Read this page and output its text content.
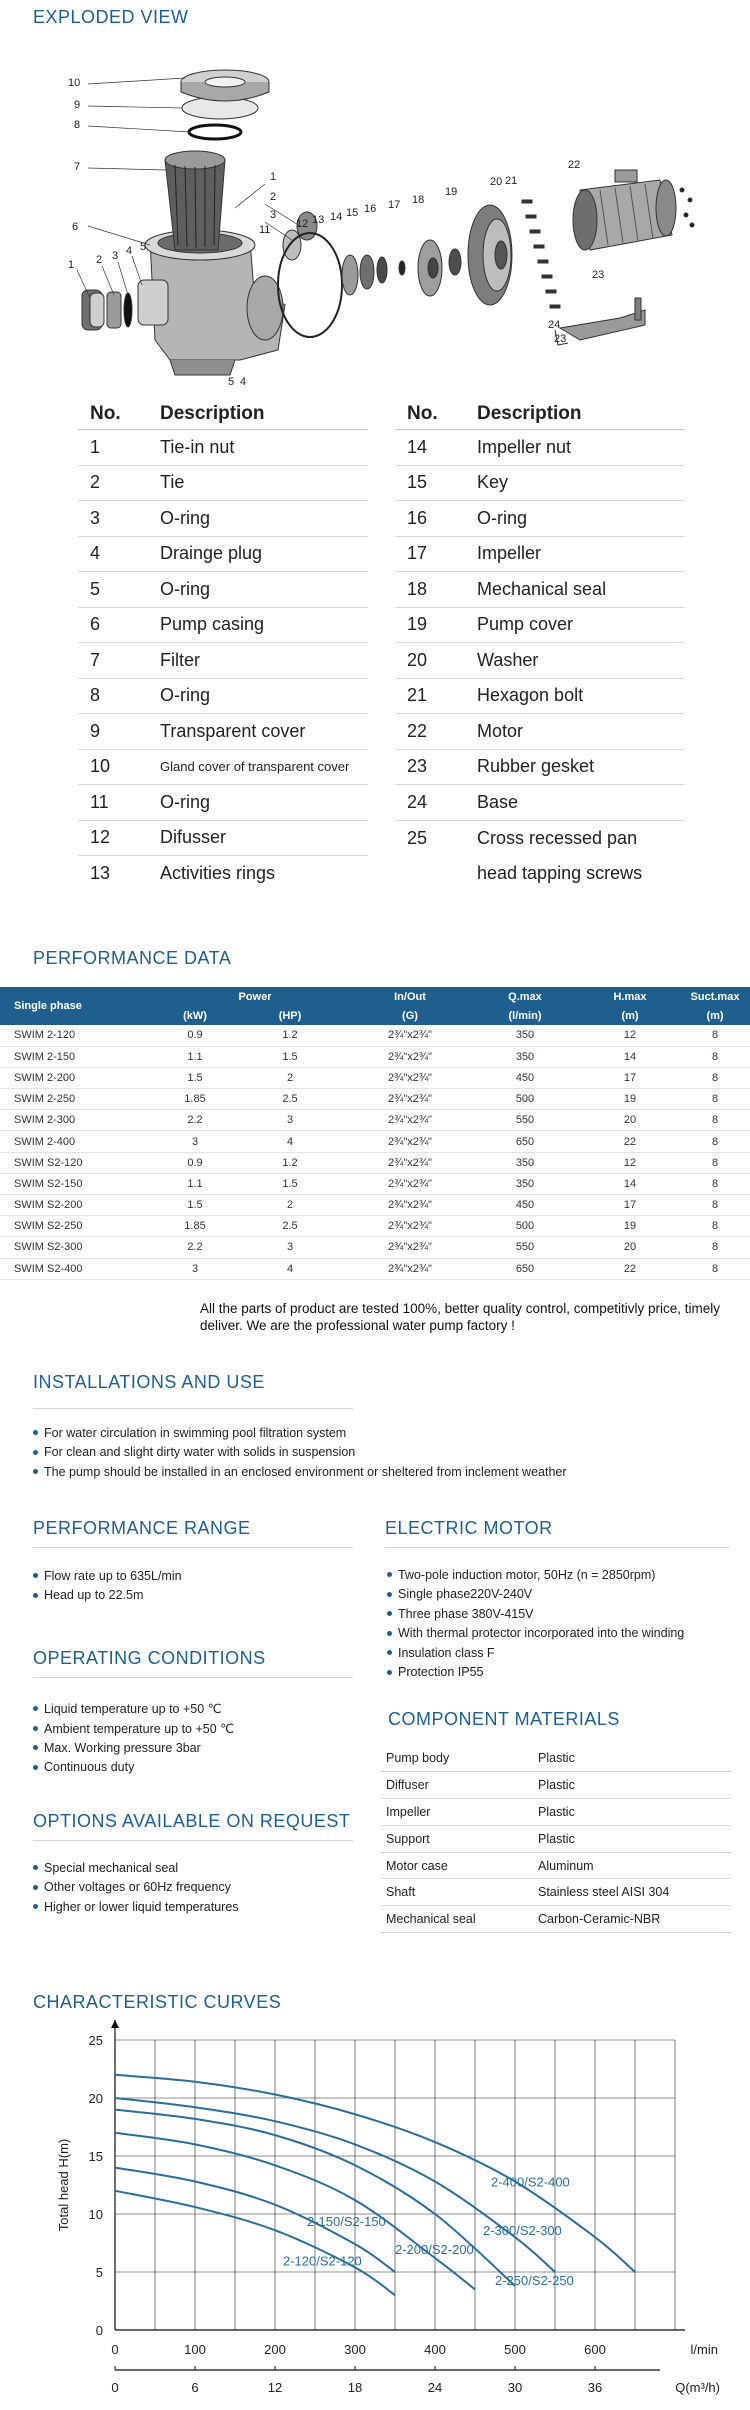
EXPLODED VIEW
1 2 3 4 5
5 4
6
7
8
9
10
1
2
3
11 12 13 14 15 16 17 18
19
20 21
22
23
24
23
No.	Description
1	Tie-in nut
2	Tie
3	O-ring
4	Drainge plug
5	O-ring
6	Pump casing
7	Filter
8	O-ring
9	Transparent cover
10	Gland cover of transparent cover
11	O-ring
12	Difusser
13	Activities rings
No.	Description
14	Impeller nut
15	Key
16	O-ring
17	Impeller
18	Mechanical seal
19	Pump cover
20	Washer
21	Hexagon bolt
22	Motor
23	Rubber gesket
24	Base
25	Cross recessed pan
head tapping screws
PERFORMANCE DATA
Single phase	Power		In/Out	Q.max	H.max	Suct.max
	(kW)	(HP)	(G)	(l/min)	(m)	(m)
SWIM 2-120	0.9	1.2	2¾"x2¾"	350	12	8
SWIM 2-150	1.1	1.5	2¾"x2¾"	350	14	8
SWIM 2-200	1.5	2	2¾"x2¾"	450	17	8
SWIM 2-250	1.85	2.5	2¾"x2¾"	500	19	8
SWIM 2-300	2.2	3	2¾"x2¾"	550	20	8
SWIM 2-400	3	4	2¾"x2¾"	650	22	8
SWIM S2-120	0.9	1.2	2¾"x2¾"	350	12	8
SWIM S2-150	1.1	1.5	2¾"x2¾"	350	14	8
SWIM S2-200	1.5	2	2¾"x2¾"	450	17	8
SWIM S2-250	1.85	2.5	2¾"x2¾"	500	19	8
SWIM S2-300	2.2	3	2¾"x2¾"	550	20	8
SWIM S2-400	3	4	2¾"x2¾"	650	22	8
All the parts of product are tested 100%, better quality control, competitivly price, timely deliver. We are the professional water pump factory !
INSTALLATIONS AND USE
For water circulation in swimming pool filtration system
For clean and slight dirty water with solids in suspension
The pump should be installed in an enclosed environment or sheltered from inclement weather
PERFORMANCE RANGE
Flow rate up to 635L/min
Head up to 22.5m
OPERATING CONDITIONS
Liquid temperature up to +50 ℃
Ambient temperature up to +50 ℃
Max. Working pressure 3bar
Continuous duty
OPTIONS AVAILABLE ON REQUEST
Special mechanical seal
Other voltages or 60Hz frequency
Higher or lower liquid temperatures
ELECTRIC MOTOR
Two-pole induction motor, 50Hz (n = 2850rpm)
Single phase220V-240V
Three phase 380V-415V
With thermal protector incorporated into the winding
Insulation class F
Protection IP55
COMPONENT MATERIALS
Pump body	Plastic
Diffuser	Plastic
Impeller	Plastic
Support	Plastic
Motor case	Aluminum
Shaft	Stainless steel AISI 304
Mechanical seal	Carbon-Ceramic-NBR
CHARACTERISTIC CURVES
0
5
10
15
20
25
Total head H(m)
0	100	200	300	400	500	600	l/min
0	6	12	18	24	30	36	Q(m³/h)
2-400/S2-400
2-300/S2-300
2-250/S2-250
2-200/S2-200
2-150/S2-150
2-120/S2-120
